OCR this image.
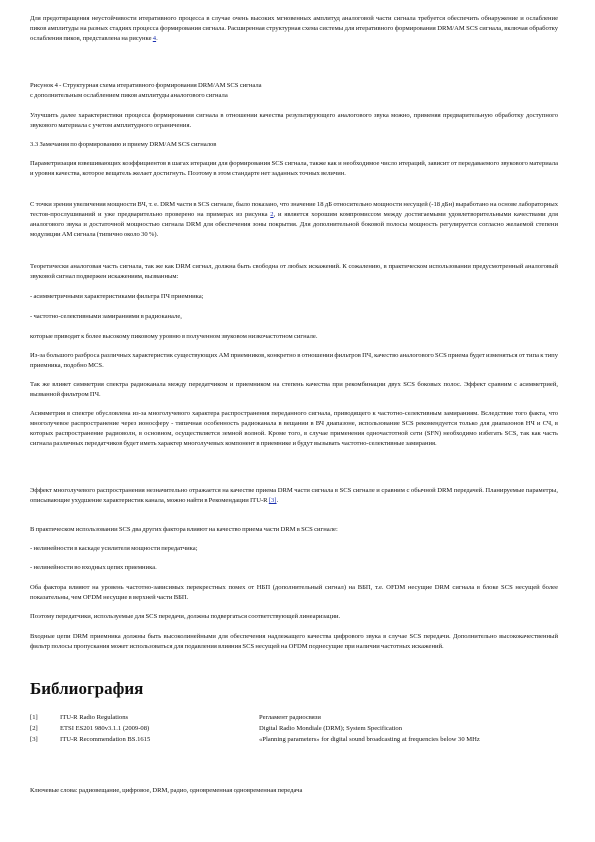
Для предотвращения неустойчивости итеративного процесса в случае очень высоких мгновенных амплитуд аналоговой части сигнала требуется обеспечить обнаружение и ослабление пиков амплитуды на разных стадиях процесса формирования сигнала. Расширенная структурная схема системы для итеративного формирования DRM/AM SCS сигнала, включая обработку ослабления пиков, представлена на рисунке 4.

Рисунок 4 - Структурная схема итеративного формирования DRM/AM SCS сигнала
с дополнительным ослаблением пиков амплитуды аналогового сигнала

Улучшить далее характеристики процесса формирования сигнала в отношении качества результирующего аналогового звука можно, применяя предварительную обработку доступного звукового материала с учетом амплитудного ограничения.

3.3 Замечания по формированию и приему DRM/AM SCS сигналов

Параметризация взвешивающих коэффициентов в шагах итерации для формирования SCS сигнала, также как и необходимое число итераций, зависит от передаваемого звукового материала и уровня качества, которое вещатель желает достигнуть. Поэтому в этом стандарте нет заданных точных величин.

С точки зрения увеличения мощности ВЧ, т. е. DRM части в SCS сигнале, было показано, что значение 18 дБ относительно мощности несущей (-18 дБн) выработано на основе лабораторных тестов-прослушиваний и уже предварительно проверено на примерах из рисунка 2, и является хорошим компромиссом между достигаемыми удовлетворительными качествами для аналогового звука и достаточной мощностью сигнала DRM для обеспечения зоны покрытия. Для дополнительной боковой полосы мощность регулируется согласно желаемой степени модуляции AM сигнала (типично около 30 %).

Теоретически аналоговая часть сигнала, так же как DRM сигнал, должна быть свободна от любых искажений. К сожалению, в практическом использовании предусмотренный аналоговый звуковой сигнал подвержен искажениям, вызванным:

- асимметричными характеристиками фильтра ПЧ приемника;

- частотно-селективными замираниями в радиоканале,

которые приводят к более высокому пиковому уровню в полученном звуковом низкочастотном сигнале.

Из-за большого разброса различных характеристик существующих AM приемников, конкретно в отношении фильтров ПЧ, качество аналогового SCS приема будет изменяться от типа к типу приемника, подобно MCS.

Так же влияет симметрия спектра радиоканала между передатчиком и приемником на степень качества при рекомбинации двух SCS боковых полос. Эффект сравним с асимметрией, вызванной фильтром ПЧ.

Асимметрия в спектре обусловлена из-за многолучевого характера распространения переданного сигнала, приводящего к частотно-селективным замираниям. Вследствие того факта, что многолучевое распространение через ионосферу - типичная особенность радиоканала в вещании в ВЧ диапазоне, использование SCS рекомендуется только для диапазонов НЧ и СЧ, в которых распространение радиоволн, в основном, осуществляется земной волной. Кроме того, в случае применения одночастотной сети (SFN) необходимо избегать SCS, так как часть сигнала различных передатчиков будет иметь характер многолучевых компонент в приемнике и будут вызывать частотно-селективные замирания.

Эффект многолучевого распространения незначительно отражается на качестве приема DRM части сигнала в SCS сигнале и сравним с обычной DRM передачей. Планируемые параметры, описывающие ухудшение характеристик канала, можно найти в Рекомендации ITU-R [3].

В практическом использовании SCS два других фактора влияют на качество приема части DRM в SCS сигнале:

- нелинейности в каскаде усилителя мощности передатчика;

- нелинейности во входных цепях приемника.

Оба фактора влияют на уровень частотно-зависимых перекрестных помех от НБП (дополнительный сигнал) на ВБП, т.е. OFDM несущие DRM сигнала в блоке SCS несущей более показательны, чем OFDM несущие в верхней части ВБП.

Поэтому передатчики, используемые для SCS передачи, должны подвергаться соответствующей линеаризации.

Входные цепи DRM приемника должны быть высоколинейными для обеспечения надлежащего качества цифрового звука в случае SCS передачи. Дополнительно высококачественный фильтр полосы пропускания может использоваться для подавления влияния SCS несущей на OFDM поднесущие при наличии частотных искажений.

Библиография
[1]	ITU-R Radio Regulations	Регламент радиосвязи
[2]	ETSI ES201 980v3.1.1 (2009-08)	Digital Radio Mondiale (DRM); System Specification
[3]	ITU-R Recommendation BS.1615	«Planning parameters» for digital sound broadcasting at frequencies below 30 MHz

Ключевые слова: радиовещание, цифровое, DRM, радио, одновременная одновременная передача
